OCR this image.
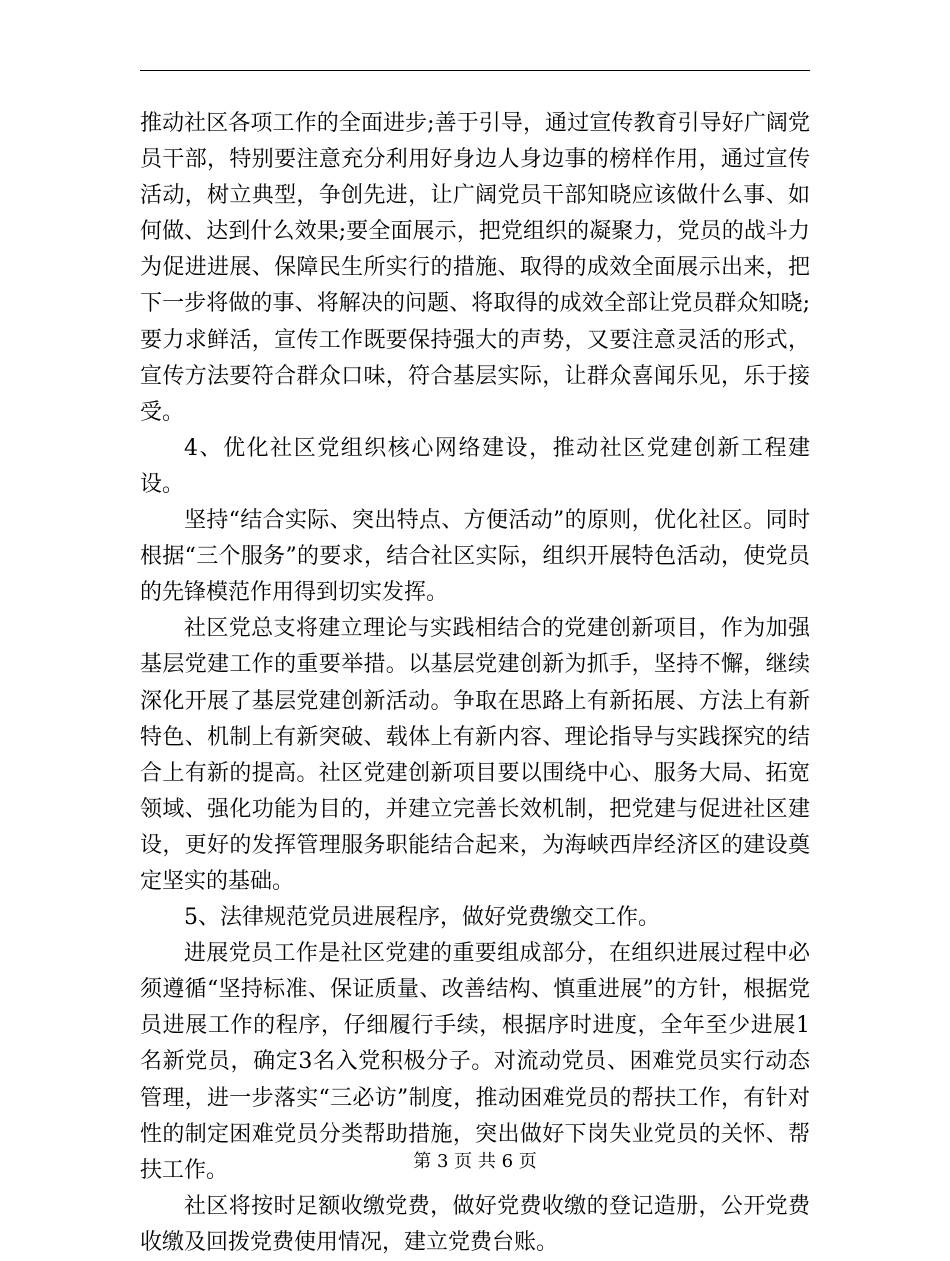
推动社区各项工作的全面进步;善于引导，通过宣传教育引导好广阔党员干部，特别要注意充分利用好身边人身边事的榜样作用，通过宣传活动，树立典型，争创先进，让广阔党员干部知晓应该做什么事、如何做、达到什么效果;要全面展示，把党组织的凝聚力，党员的战斗力为促进进展、保障民生所实行的措施、取得的成效全面展示出来，把下一步将做的事、将解决的问题、将取得的成效全部让党员群众知晓;要力求鲜活，宣传工作既要保持强大的声势，又要注意灵活的形式，宣传方法要符合群众口味，符合基层实际，让群众喜闻乐见，乐于接受。

4、优化社区党组织核心网络建设，推动社区党建创新工程建设。

坚持“结合实际、突出特点、方便活动”的原则，优化社区。同时根据“三个服务”的要求，结合社区实际，组织开展特色活动，使党员的先锋模范作用得到切实发挥。

社区党总支将建立理论与实践相结合的党建创新项目，作为加强基层党建工作的重要举措。以基层党建创新为抓手，坚持不懈，继续深化开展了基层党建创新活动。争取在思路上有新拓展、方法上有新特色、机制上有新突破、载体上有新内容、理论指导与实践探究的结合上有新的提高。社区党建创新项目要以围绕中心、服务大局、拓宽领域、强化功能为目的，并建立完善长效机制，把党建与促进社区建设，更好的发挥管理服务职能结合起来，为海峡西岸经济区的建设奠定坚实的基础。

5、法律规范党员进展程序，做好党费缴交工作。

进展党员工作是社区党建的重要组成部分，在组织进展过程中必须遵循“坚持标准、保证质量、改善结构、慎重进展”的方针，根据党员进展工作的程序，仔细履行手续，根据序时进度，全年至少进展1名新党员，确定3名入党积极分子。对流动党员、困难党员实行动态管理，进一步落实“三必访”制度，推动困难党员的帮扶工作，有针对性的制定困难党员分类帮助措施，突出做好下岗失业党员的关怀、帮扶工作。

社区将按时足额收缴党费，做好党费收缴的登记造册，公开党费收缴及回拨党费使用情况，建立党费台账。

第 3 页 共 6 页
